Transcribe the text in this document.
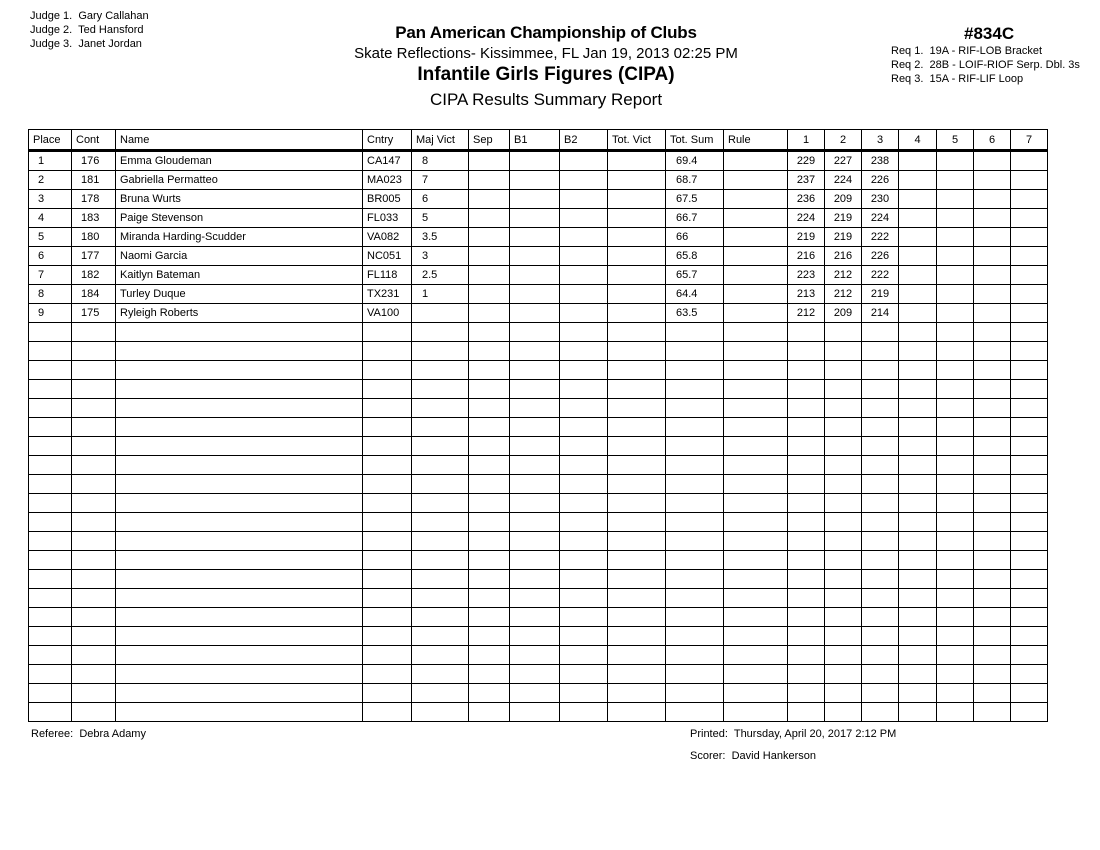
Judge 1. Gary Callahan
Judge 2. Ted Hansford
Judge 3. Janet Jordan
Pan American Championship of Clubs
Skate Reflections- Kissimmee, FL Jan 19, 2013 02:25 PM
Infantile Girls Figures (CIPA)
CIPA Results Summary Report
#834C
Req 1. 19A - RIF-LOB Bracket
Req 2. 28B - LOIF-RIOF Serp. Dbl. 3s
Req 3. 15A - RIF-LIF Loop
Place	Cont	Name	Cntry	Maj Vict	Sep	B1	B2	Tot. Vict	Tot. Sum	Rule	1	2	3	4	5	6	7
1	176	Emma Gloudeman	CA147	8					69.4		229	227	238				
2	181	Gabriella Permatteo	MA023	7					68.7		237	224	226				
3	178	Bruna Wurts	BR005	6					67.5		236	209	230				
4	183	Paige Stevenson	FL033	5					66.7		224	219	224				
5	180	Miranda Harding-Scudder	VA082	3.5					66		219	219	222				
6	177	Naomi Garcia	NC051	3					65.8		216	216	226				
7	182	Kaitlyn Bateman	FL118	2.5					65.7		223	212	222				
8	184	Turley Duque	TX231	1					64.4		213	212	219				
9	175	Ryleigh Roberts	VA100						63.5		212	209	214				

Referee: Debra Adamy	Printed: Thursday, April 20, 2017 2:12 PM
Scorer: David Hankerson
